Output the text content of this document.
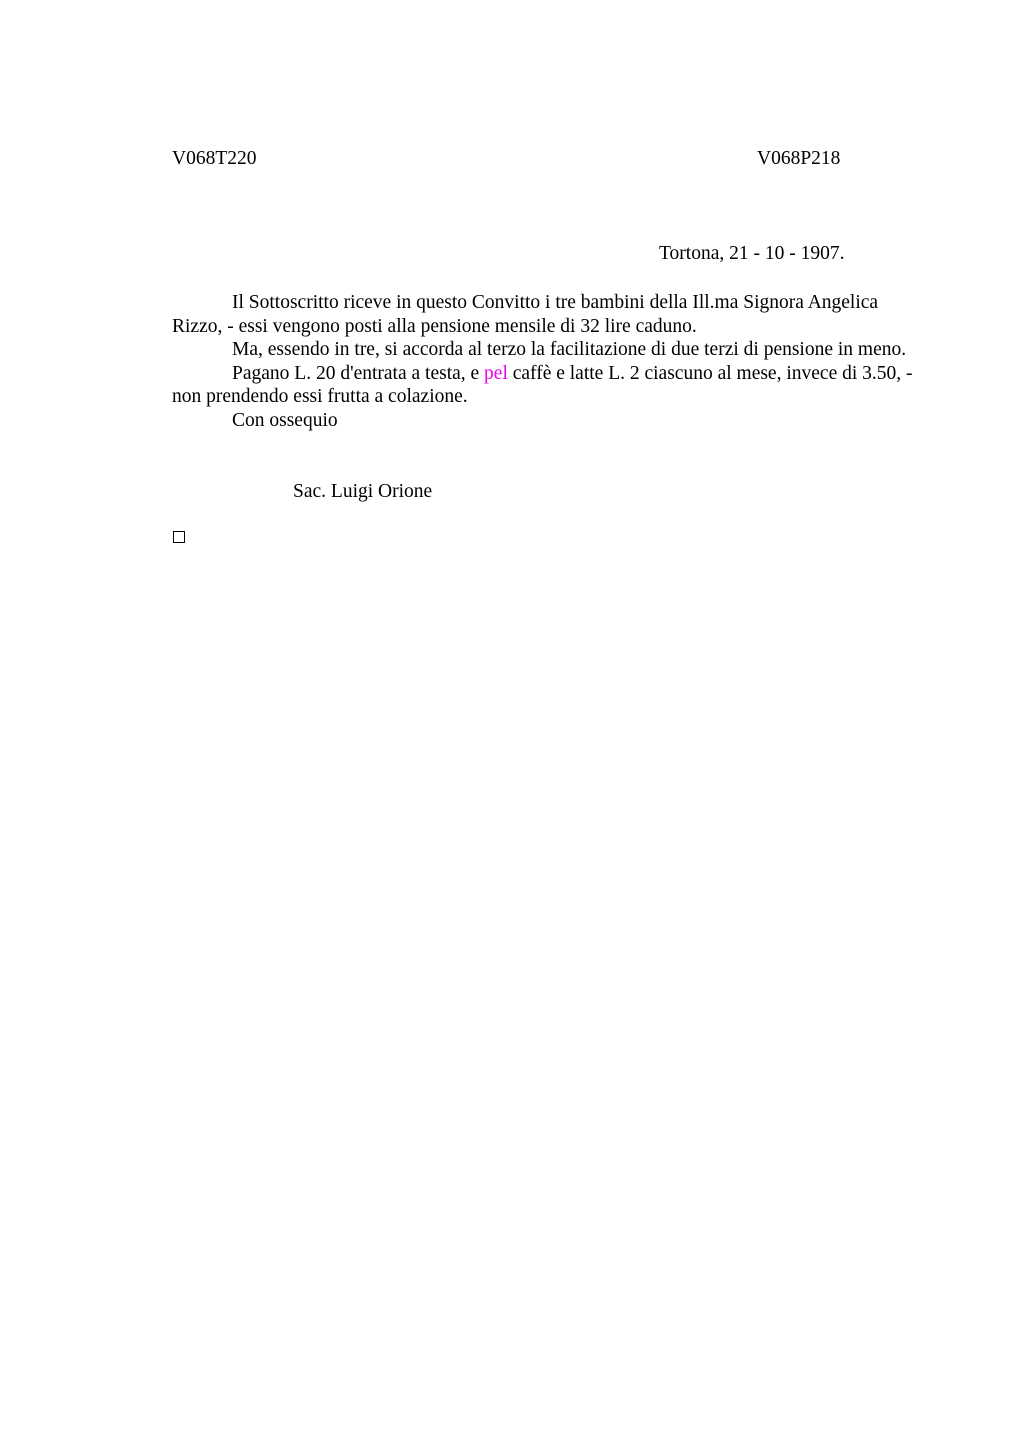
V068T220	V068P218
Tortona, 21 - 10 - 1907.

Il Sottoscritto riceve in questo Convitto i tre bambini della Ill.ma Signora Angelica Rizzo, - essi vengono posti alla pensione mensile di 32 lire caduno.

Ma, essendo in tre, si accorda al terzo la facilitazione di due terzi di pensione in meno.

Pagano L. 20 d'entrata a testa, e pel caffè e latte L. 2 ciascuno al mese, invece di 3.50, - non prendendo essi frutta a colazione.

Con ossequio

Sac. Luigi Orione
